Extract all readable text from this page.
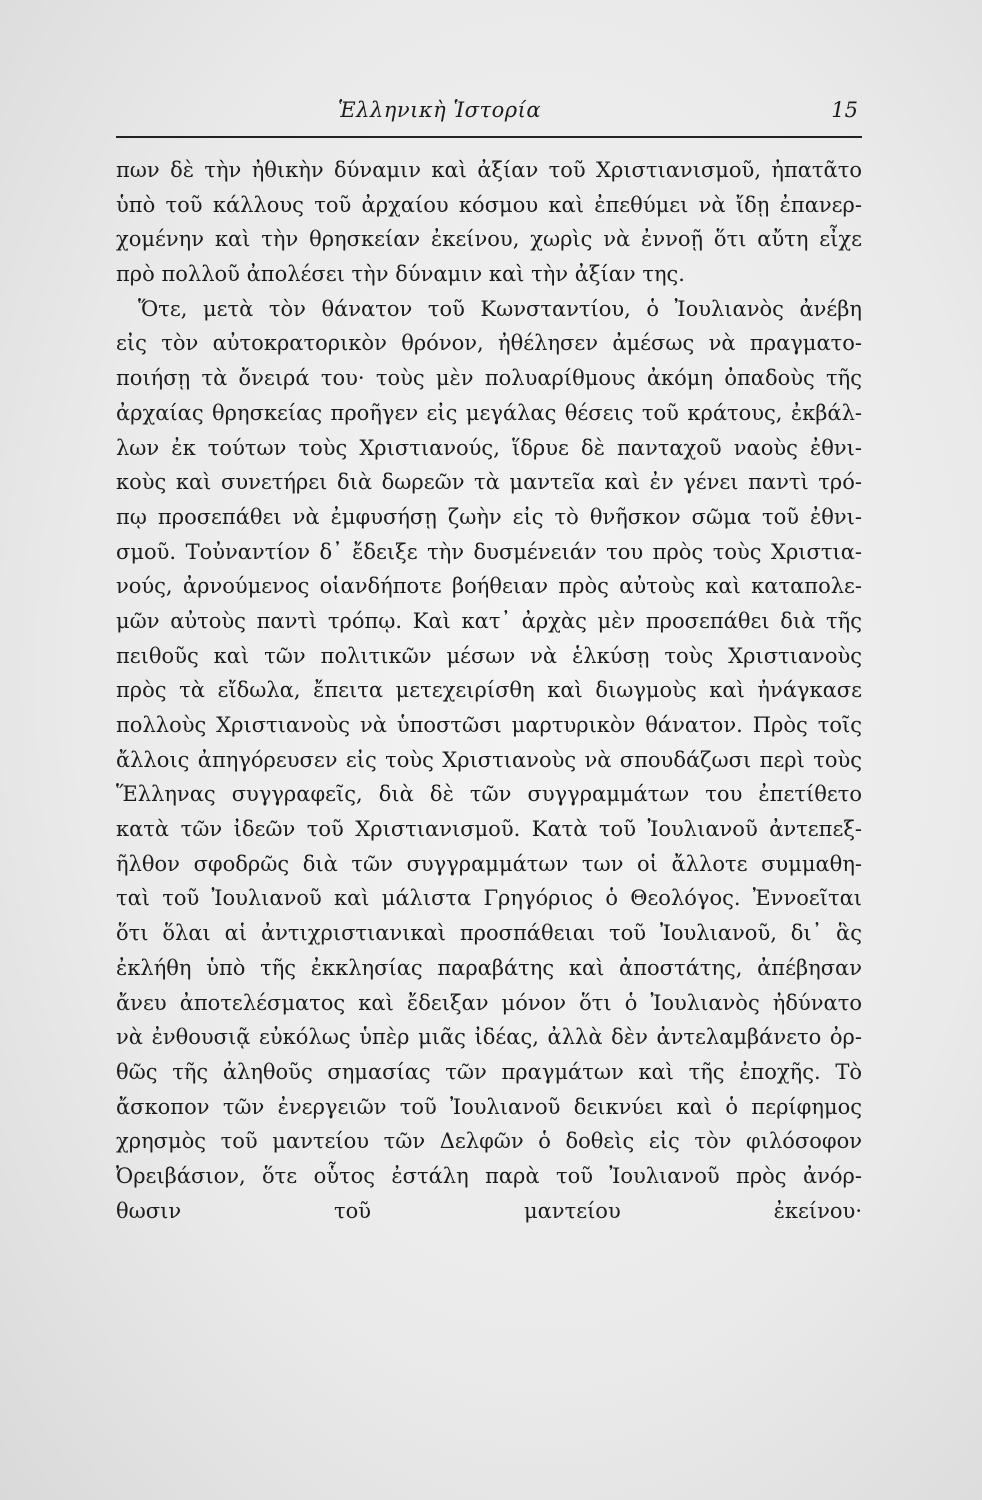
Ἑλληνικὴ Ἱστορία	15
πων δὲ τὴν ἠθικὴν δύναμιν καὶ ἀξίαν τοῦ Χριστιανισμοῦ, ἠπατᾶτο
ὑπὸ τοῦ κάλλους τοῦ ἀρχαίου κόσμου καὶ ἐπεθύμει νὰ ἴδῃ ἐπανερ-
χομένην καὶ τὴν θρησκείαν ἐκείνου, χωρὶς νὰ ἐννοῇ ὅτι αὔτη εἶχε
πρὸ πολλοῦ ἀπολέσει τὴν δύναμιν καὶ τὴν ἀξίαν της.
Ὅτε, μετὰ τὸν θάνατον τοῦ Κωνσταντίου, ὁ Ἰουλιανὸς ἀνέβη
εἰς τὸν αὐτοκρατορικὸν θρόνον, ἠθέλησεν ἀμέσως νὰ πραγματο-
ποιήσῃ τὰ ὄνειρά του· τοὺς μὲν πολυαρίθμους ἀκόμη ὀπαδοὺς τῆς
ἀρχαίας θρησκείας προῆγεν εἰς μεγάλας θέσεις τοῦ κράτους, ἐκβάλ-
λων ἐκ τούτων τοὺς Χριστιανούς, ἵδρυε δὲ πανταχοῦ ναοὺς ἐθνι-
κοὺς καὶ συνετήρει διὰ δωρεῶν τὰ μαντεῖα καὶ ἐν γένει παντὶ τρό-
πῳ προσεπάθει νὰ ἐμφυσήσῃ ζωὴν εἰς τὸ θνῆσκον σῶμα τοῦ ἐθνι-
σμοῦ. Τοὐναντίον δ᾽ ἔδειξε τὴν δυσμένειάν του πρὸς τοὺς Χριστια-
νούς, ἀρνούμενος οἱανδήποτε βοήθειαν πρὸς αὐτοὺς καὶ καταπολε-
μῶν αὐτοὺς παντὶ τρόπῳ. Καὶ κατ᾽ ἀρχὰς μὲν προσεπάθει διὰ τῆς
πειθοῦς καὶ τῶν πολιτικῶν μέσων νὰ ἑλκύσῃ τοὺς Χριστιανοὺς
πρὸς τὰ εἴδωλα, ἔπειτα μετεχειρίσθη καὶ διωγμοὺς καὶ ἠνάγκασε
πολλοὺς Χριστιανοὺς νὰ ὑποστῶσι μαρτυρικὸν θάνατον. Πρὸς τοῖς
ἄλλοις ἀπηγόρευσεν εἰς τοὺς Χριστιανοὺς νὰ σπουδάζωσι περὶ τοὺς
Ἕλληνας συγγραφεῖς, διὰ δὲ τῶν συγγραμμάτων του ἐπετίθετο
κατὰ τῶν ἰδεῶν τοῦ Χριστιανισμοῦ. Κατὰ τοῦ Ἰουλιανοῦ ἀντεπεξ-
ῆλθον σφοδρῶς διὰ τῶν συγγραμμάτων των οἱ ἄλλοτε συμμαθη-
ταὶ τοῦ Ἰουλιανοῦ καὶ μάλιστα Γρηγόριος ὁ Θεολόγος. Ἐννοεῖται
ὅτι ὅλαι αἱ ἀντιχριστιανικαὶ προσπάθειαι τοῦ Ἰουλιανοῦ, δι᾽ ἃς
ἐκλήθη ὑπὸ τῆς ἐκκλησίας παραβάτης καὶ ἀποστάτης, ἀπέβησαν
ἄνευ ἀποτελέσματος καὶ ἔδειξαν μόνον ὅτι ὁ Ἰουλιανὸς ἠδύνατο
νὰ ἐνθουσιᾷ εὐκόλως ὑπὲρ μιᾶς ἰδέας, ἀλλὰ δὲν ἀντελαμβάνετο ὀρ-
θῶς τῆς ἀληθοῦς σημασίας τῶν πραγμάτων καὶ τῆς ἐποχῆς. Τὸ
ἄσκοπον τῶν ἐνεργειῶν τοῦ Ἰουλιανοῦ δεικνύει καὶ ὁ περίφημος
χρησμὸς τοῦ μαντείου τῶν Δελφῶν ὁ δοθεὶς εἰς τὸν φιλόσοφον
Ὀρειβάσιον, ὅτε οὗτος ἐστάλη παρὰ τοῦ Ἰουλιανοῦ πρὸς ἀνόρ-
θωσιν τοῦ μαντείου ἐκείνου·
